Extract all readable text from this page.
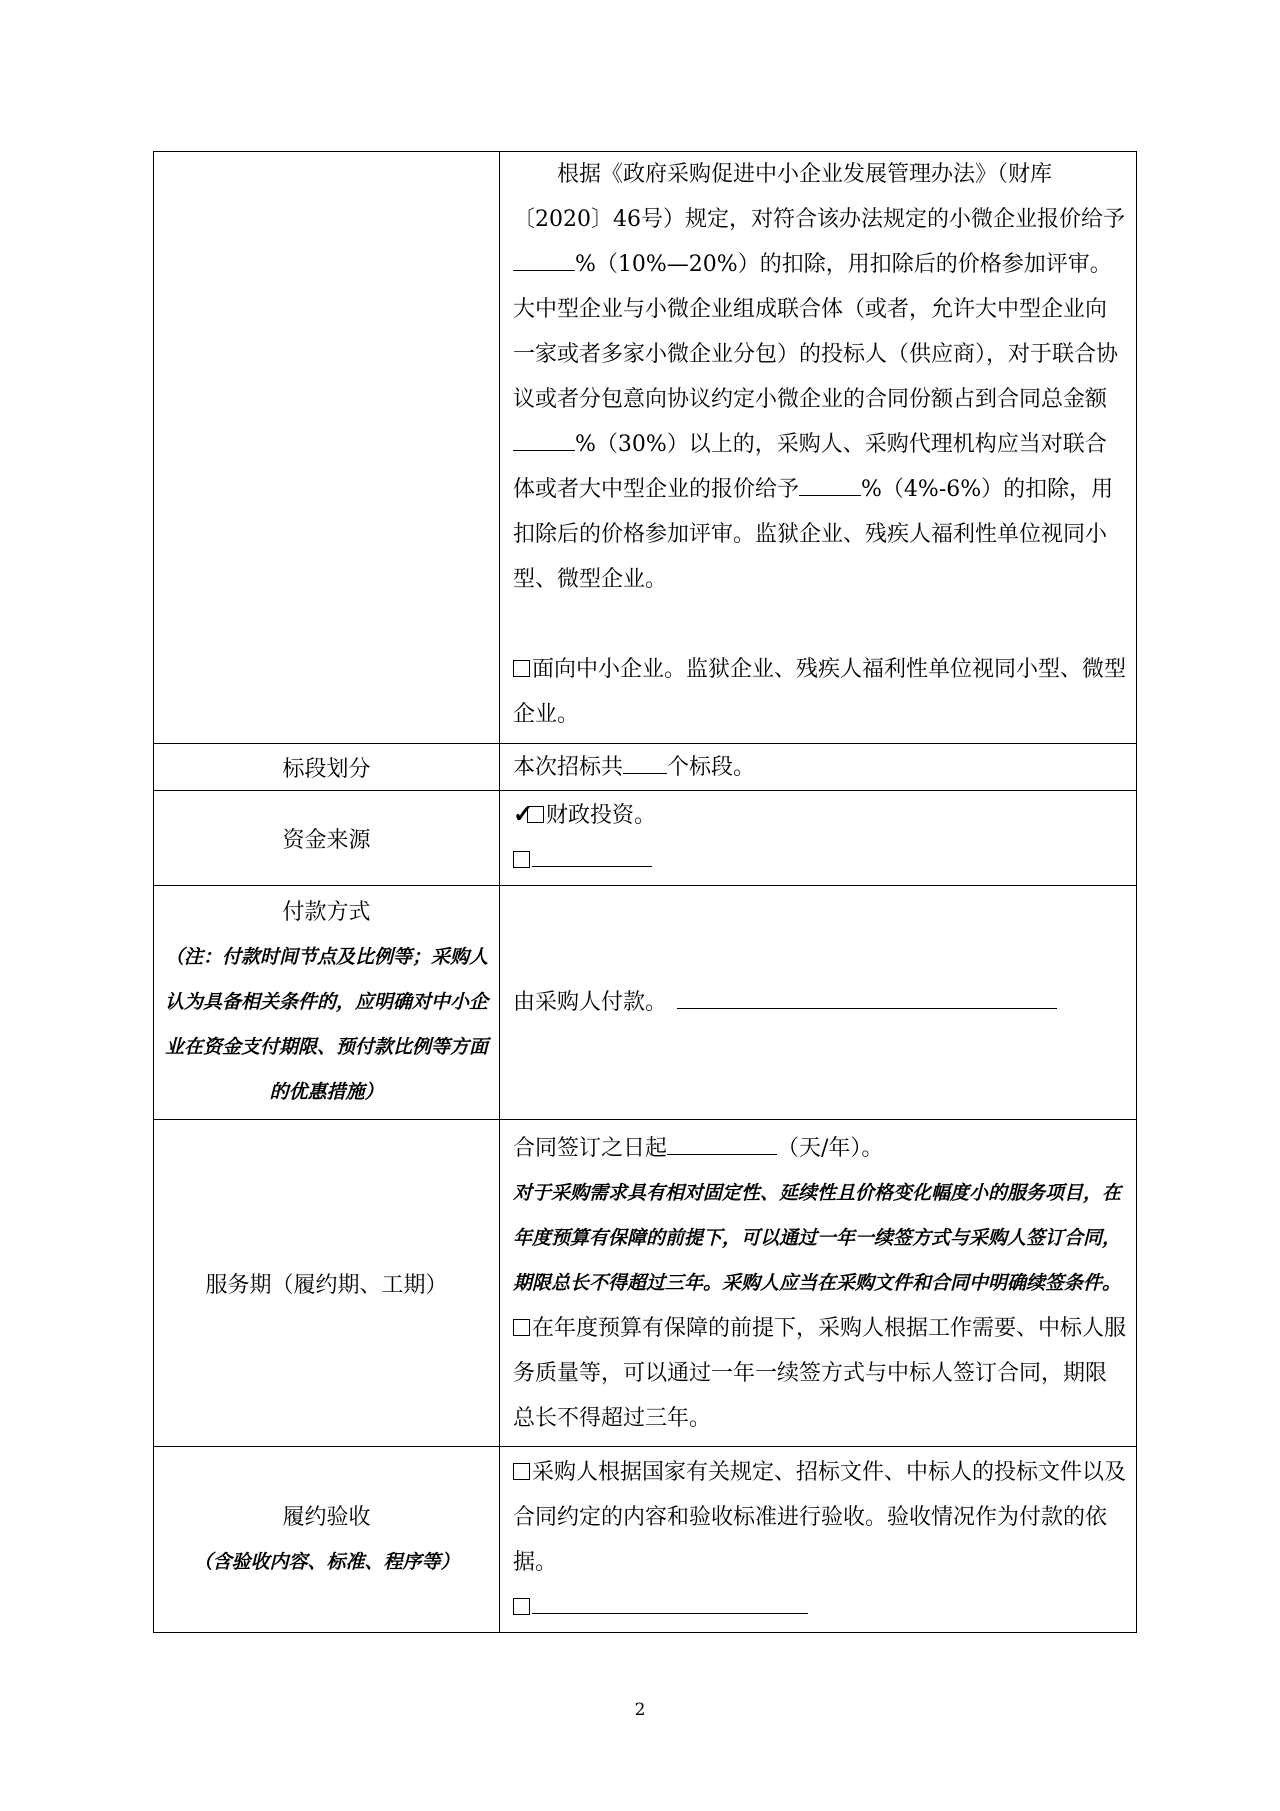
	根据《政府采购促进中小企业发展管理办法》（财库〔2020〕46号）规定，对符合该办法规定的小微企业报价给予%（10%—20%）的扣除，用扣除后的价格参加评审。大中型企业与小微企业组成联合体（或者，允许大中型企业向一家或者多家小微企业分包）的投标人（供应商），对于联合协议或者分包意向协议约定小微企业的合同份额占到合同总金额%（30%）以上的，采购人、采购代理机构应当对联合体或者大中型企业的报价给予 %（4%-6%）的扣除，用扣除后的价格参加评审。监狱企业、残疾人福利性单位视同小型、微型企业。

面向中小企业。监狱企业、残疾人福利性单位视同小型、微型企业。

标段划分	本次招标共 个标段。
资金来源	✓ 财政投资。

付款方式
（注：付款时间节点及比例等；采购人认为具备相关条件的，应明确对中小企业在资金支付期限、预付款比例等方面的优惠措施）	由采购人付款。
服务期（履约期、工期）	合同签订之日起 （天/年）。

对于采购需求具有相对固定性、延续性且价格变化幅度小的服务项目，在年度预算有保障的前提下，可以通过一年一续签方式与采购人签订合同，期限总长不得超过三年。采购人应当在采购文件和合同中明确续签条件。

在年度预算有保障的前提下，采购人根据工作需要、中标人服务质量等，可以通过一年一续签方式与中标人签订合同，期限总长不得超过三年。

履约验收
（含验收内容、标准、程序等）	采购人根据国家有关规定、招标文件、中标人的投标文件以及合同约定的内容和验收标准进行验收。验收情况作为付款的依据。

2
